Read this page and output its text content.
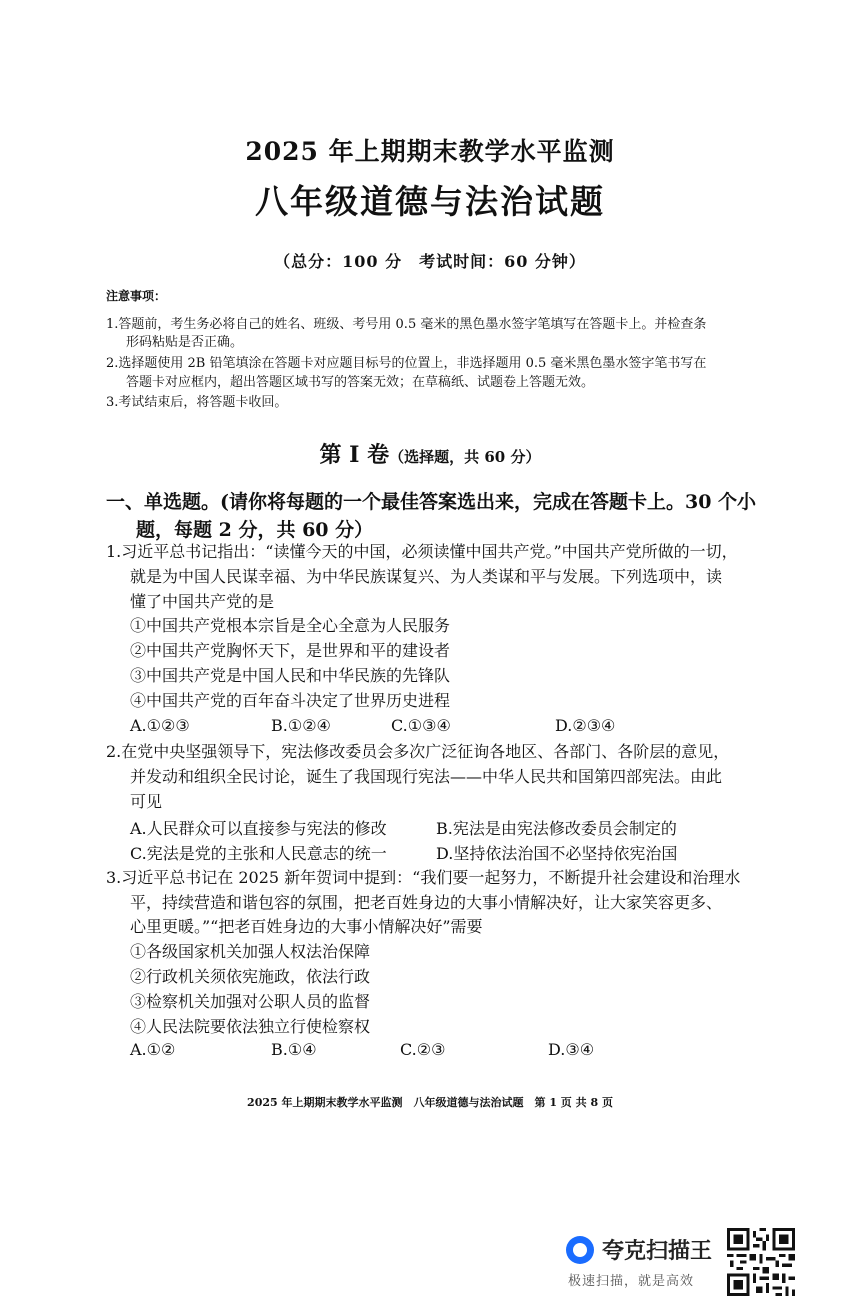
2025 年上期期末教学水平监测
八年级道德与法治试题
（总分：100 分　考试时间：60 分钟）
注意事项：
1.答题前，考生务必将自己的姓名、班级、考号用 0.5 毫米的黑色墨水签字笔填写在答题卡上。并检查条
形码粘贴是否正确。
2.选择题使用 2B 铅笔填涂在答题卡对应题目标号的位置上，非选择题用 0.5 毫米黑色墨水签字笔书写在
答题卡对应框内，超出答题区域书写的答案无效；在草稿纸、试题卷上答题无效。
3.考试结束后，将答题卡收回。
第 I 卷（选择题，共 60 分）
一、单选题。(请你将每题的一个最佳答案选出来，完成在答题卡上。30 个小
题，每题 2 分，共 60 分）
1.习近平总书记指出：“读懂今天的中国，必须读懂中国共产党。”中国共产党所做的一切，
就是为中国人民谋幸福、为中华民族谋复兴、为人类谋和平与发展。下列选项中，读
懂了中国共产党的是
①中国共产党根本宗旨是全心全意为人民服务
②中国共产党胸怀天下，是世界和平的建设者
③中国共产党是中国人民和中华民族的先锋队
④中国共产党的百年奋斗决定了世界历史进程
A.①②③	B.①②④	C.①③④	D.②③④
2.在党中央坚强领导下，宪法修改委员会多次广泛征询各地区、各部门、各阶层的意见，
并发动和组织全民讨论，诞生了我国现行宪法——中华人民共和国第四部宪法。由此
可见
A.人民群众可以直接参与宪法的修改	B.宪法是由宪法修改委员会制定的
C.宪法是党的主张和人民意志的统一	D.坚持依法治国不必坚持依宪治国
3.习近平总书记在 2025 新年贺词中提到：“我们要一起努力，不断提升社会建设和治理水
平，持续营造和谐包容的氛围，把老百姓身边的大事小情解决好，让大家笑容更多、
心里更暖。”“把老百姓身边的大事小情解决好”需要
①各级国家机关加强人权法治保障
②行政机关须依宪施政，依法行政
③检察机关加强对公职人员的监督
④人民法院要依法独立行使检察权
A.①②	B.①④	C.②③	D.③④
2025 年上期期末教学水平监测　八年级道德与法治试题　第 1 页 共 8 页
夸克扫描王
极速扫描，就是高效
